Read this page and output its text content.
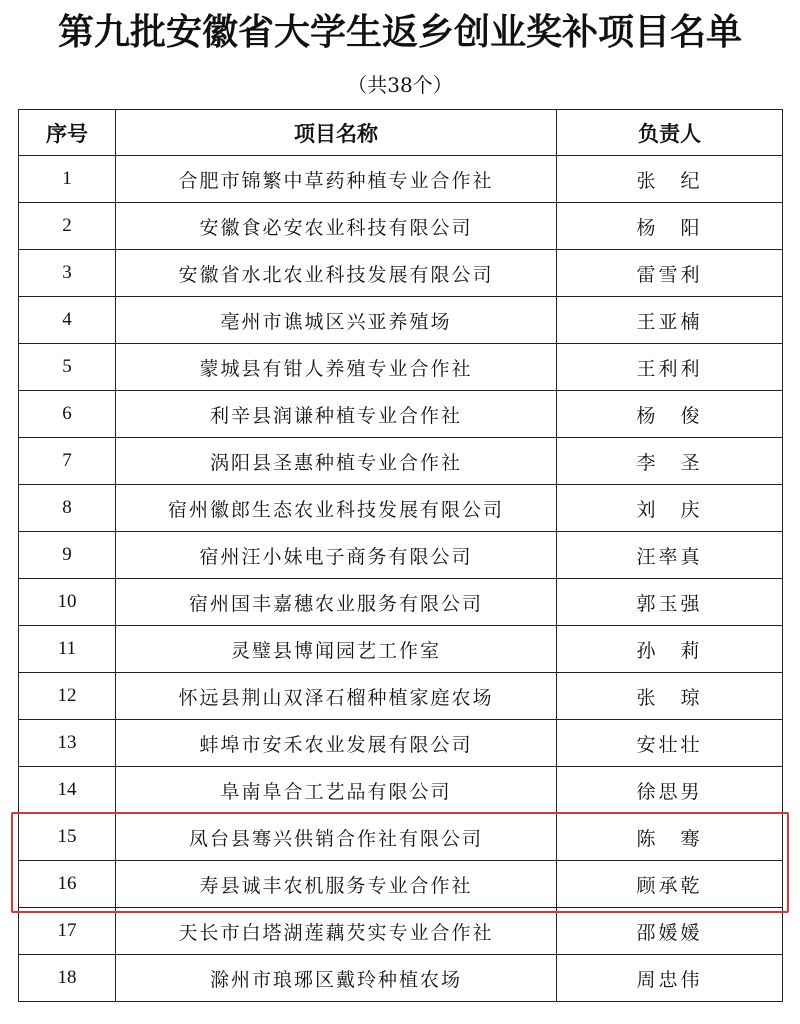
第九批安徽省大学生返乡创业奖补项目名单
（共38个）
序号	项目名称	负责人
1	合肥市锦繁中草药种植专业合作社	张　纪
2	安徽食必安农业科技有限公司	杨　阳
3	安徽省水北农业科技发展有限公司	雷雪利
4	亳州市谯城区兴亚养殖场	王亚楠
5	蒙城县有钳人养殖专业合作社	王利利
6	利辛县润谦种植专业合作社	杨　俊
7	涡阳县圣惠种植专业合作社	李　圣
8	宿州徽郎生态农业科技发展有限公司	刘　庆
9	宿州汪小妹电子商务有限公司	汪率真
10	宿州国丰嘉穗农业服务有限公司	郭玉强
11	灵璧县博闻园艺工作室	孙　莉
12	怀远县荆山双泽石榴种植家庭农场	张　琼
13	蚌埠市安禾农业发展有限公司	安壮壮
14	阜南阜合工艺品有限公司	徐思男
15	凤台县骞兴供销合作社有限公司	陈　骞
16	寿县诚丰农机服务专业合作社	顾承乾
17	天长市白塔湖莲藕芡实专业合作社	邵媛媛
18	滁州市琅琊区戴玲种植农场	周忠伟
